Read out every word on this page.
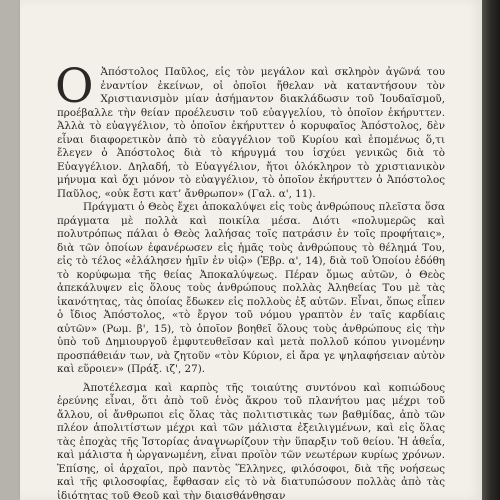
Ο Ἀπόστολος Παῦλος, εἰς τὸν μεγάλον καὶ σκληρὸν ἀγῶνά του ἐναντίον ἐκείνων, οἱ ὁποῖοι ἤθελαν νὰ καταντήσουν τὸν Χριστιανισμὸν μίαν ἀσήμαντον διακλάδωσιν τοῦ Ἰουδαϊσμοῦ, προέβαλλε τὴν θείαν προέλευσιν τοῦ εὐαγγελίου, τὸ ὁποῖον ἐκήρυττεν. Ἀλλὰ τὸ εὐαγγέλιον, τὸ ὁποῖον ἐκήρυττεν ὁ κορυφαῖος Ἀπόστολος, δὲν εἶναι διαφορετικὸν ἀπὸ τὸ εὐαγγέλιον τοῦ Κυρίου καὶ ἑπομένως ὅ,τι ἔλεγεν ὁ Ἀπόστολος διὰ τὸ κήρυγμά του ἰσχύει γενικῶς διὰ τὸ Εὐαγγέλιον. Δηλαδή, τὸ Εὐαγγέλιον, ἤτοι ὁλόκληρον τὸ χριστιανικὸν μήνυμα καὶ ὄχι μόνον τὸ εὐαγγέλιον, τὸ ὁποῖον ἐκήρυττεν ὁ Ἀπόστολος Παῦλος, «οὐκ ἔστι κατ’ ἄνθρωπον» (Γαλ. α', 11).

Πράγματι ὁ Θεὸς ἔχει ἀποκαλύψει εἰς τοὺς ἀνθρώπους πλεῖστα ὅσα πράγματα μὲ πολλὰ καὶ ποικίλα μέσα. Διότι «πολυμερῶς καὶ πολυτρόπως πάλαι ὁ Θεὸς λαλήσας τοῖς πατράσιν ἐν τοῖς προφήταις», διὰ τῶν ὁποίων ἐφανέρωσεν εἰς ἡμᾶς τοὺς ἀνθρώπους τὸ θέλημά Του, εἰς τὸ τέλος «ἐλάλησεν ἡμῖν ἐν υἱῷ» (Ἑβρ. α', 14), διὰ τοῦ Ὁποίου ἐδόθη τὸ κορύφωμα τῆς θείας Ἀποκαλύψεως. Πέραν ὅμως αὐτῶν, ὁ Θεὸς ἀπεκάλυψεν εἰς ὅλους τοὺς ἀνθρώπους πολλὰς Ἀληθείας Του μὲ τὰς ἱκανότητας, τὰς ὁποίας ἔδωκεν εἰς πολλοὺς ἐξ αὐτῶν. Εἶναι, ὅπως εἶπεν ὁ ἴδιος Ἀπόστολος, «τὸ ἔργον τοῦ νόμου γραπτὸν ἐν ταῖς καρδίαις αὐτῶν» (Ρωμ. β', 15), τὸ ὁποῖον βοηθεῖ ὅλους τοὺς ἀνθρώπους εἰς τὴν ὑπὸ τοῦ Δημιουργοῦ ἐμφυτευθεῖσαν καὶ μετὰ πολλοῦ κόπου γινομένην προσπάθειάν των, νὰ ζητοῦν «τὸν Κύριον, εἰ ἄρα γε ψηλαφήσειαν αὐτὸν καὶ εὕροιεν» (Πράξ. ιζ', 27).

Ἀποτέλεσμα καὶ καρπὸς τῆς τοιαύτης συντόνου καὶ κοπιώδους ἐρεύνης εἶναι, ὅτι ἀπὸ τοῦ ἑνὸς ἄκρου τοῦ πλανήτου μας μέχρι τοῦ ἄλλου, οἱ ἄνθρωποι εἰς ὅλας τὰς πολιτιστικὰς των βαθμίδας, ἀπὸ τῶν πλέον ἀπολιτίστων μέχρι καὶ τῶν μάλιστα ἐξειλιγμένων, καὶ εἰς ὅλας τὰς ἐποχὰς τῆς Ἱστορίας ἀναγνωρίζουν τὴν ὕπαρξιν τοῦ θείου. Ἡ ἀθεΐα, καὶ μάλιστα ἡ ὠργανωμένη, εἶναι προϊὸν τῶν νεωτέρων κυρίως χρόνων. Ἐπίσης, οἱ ἀρχαῖοι, πρὸ παντὸς Ἕλληνες, φιλόσοφοι, διὰ τῆς νοήσεως καὶ τῆς φιλοσοφίας, ἔφθασαν εἰς τὸ νὰ διατυπώσουν πολλὰς ἀπὸ τὰς ἰδιότητας τοῦ Θεοῦ καὶ τὴν διαισθάνθησαν
